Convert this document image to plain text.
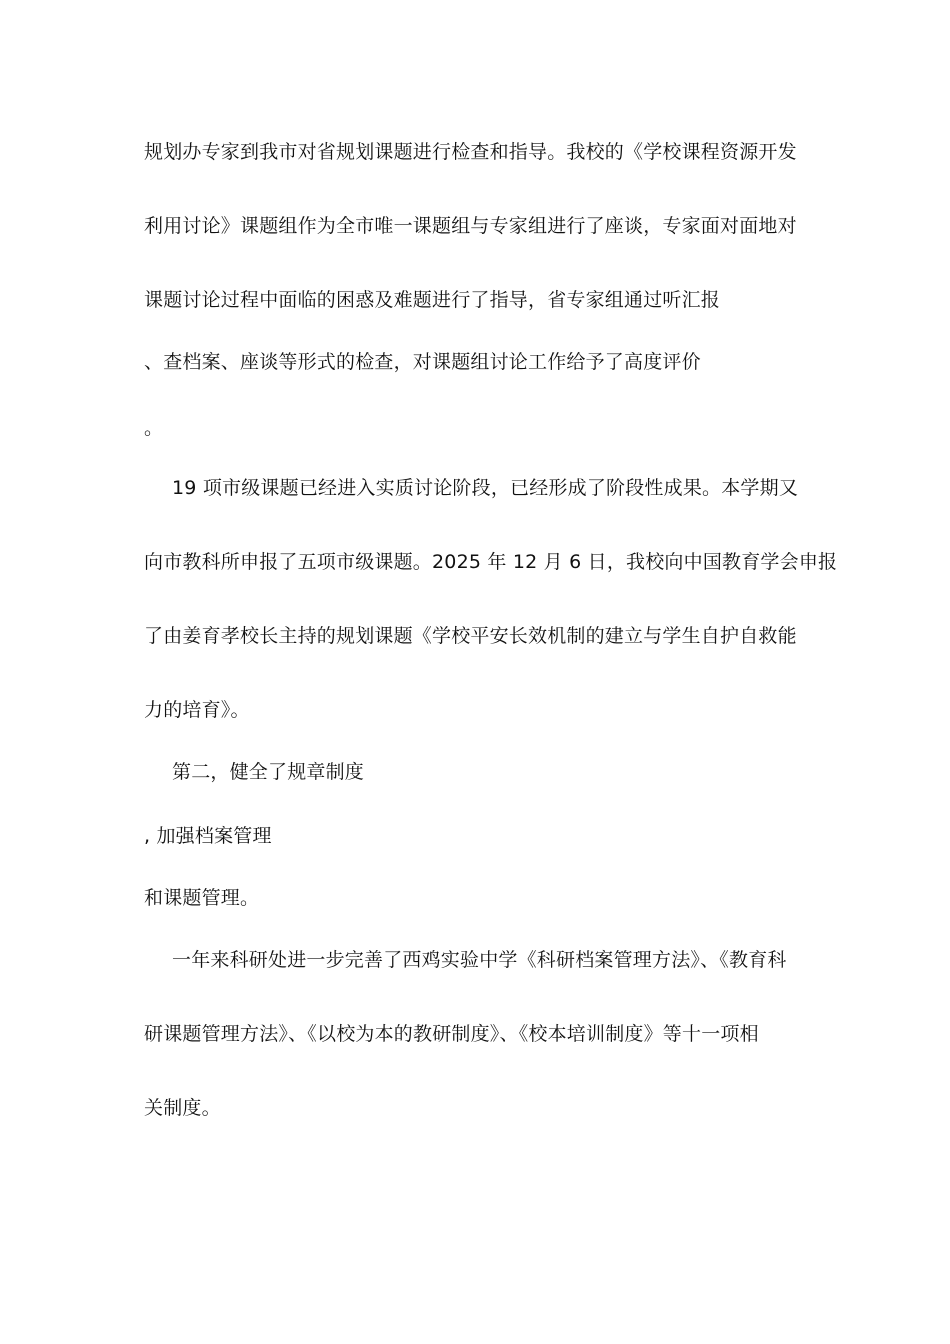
规划办专家到我市对省规划课题进行检查和指导。我校的《学校课程资源开发
利用讨论》课题组作为全市唯一课题组与专家组进行了座谈，专家面对面地对
课题讨论过程中面临的困惑及难题进行了指导，省专家组通过听汇报
、查档案、座谈等形式的检查，对课题组讨论工作给予了高度评价
。
19 项市级课题已经进入实质讨论阶段，已经形成了阶段性成果。本学期又
向市教科所申报了五项市级课题。2025 年 12 月 6 日，我校向中国教育学会申报
了由姜育孝校长主持的规划课题《学校平安长效机制的建立与学生自护自救能
力的培育》。
第二，健全了规章制度
, 加强档案管理
和课题管理。
一年来科研处进一步完善了西鸡实验中学《科研档案管理方法》、《教育科
研课题管理方法》、《以校为本的教研制度》、《校本培训制度》等十一项相
关制度。
